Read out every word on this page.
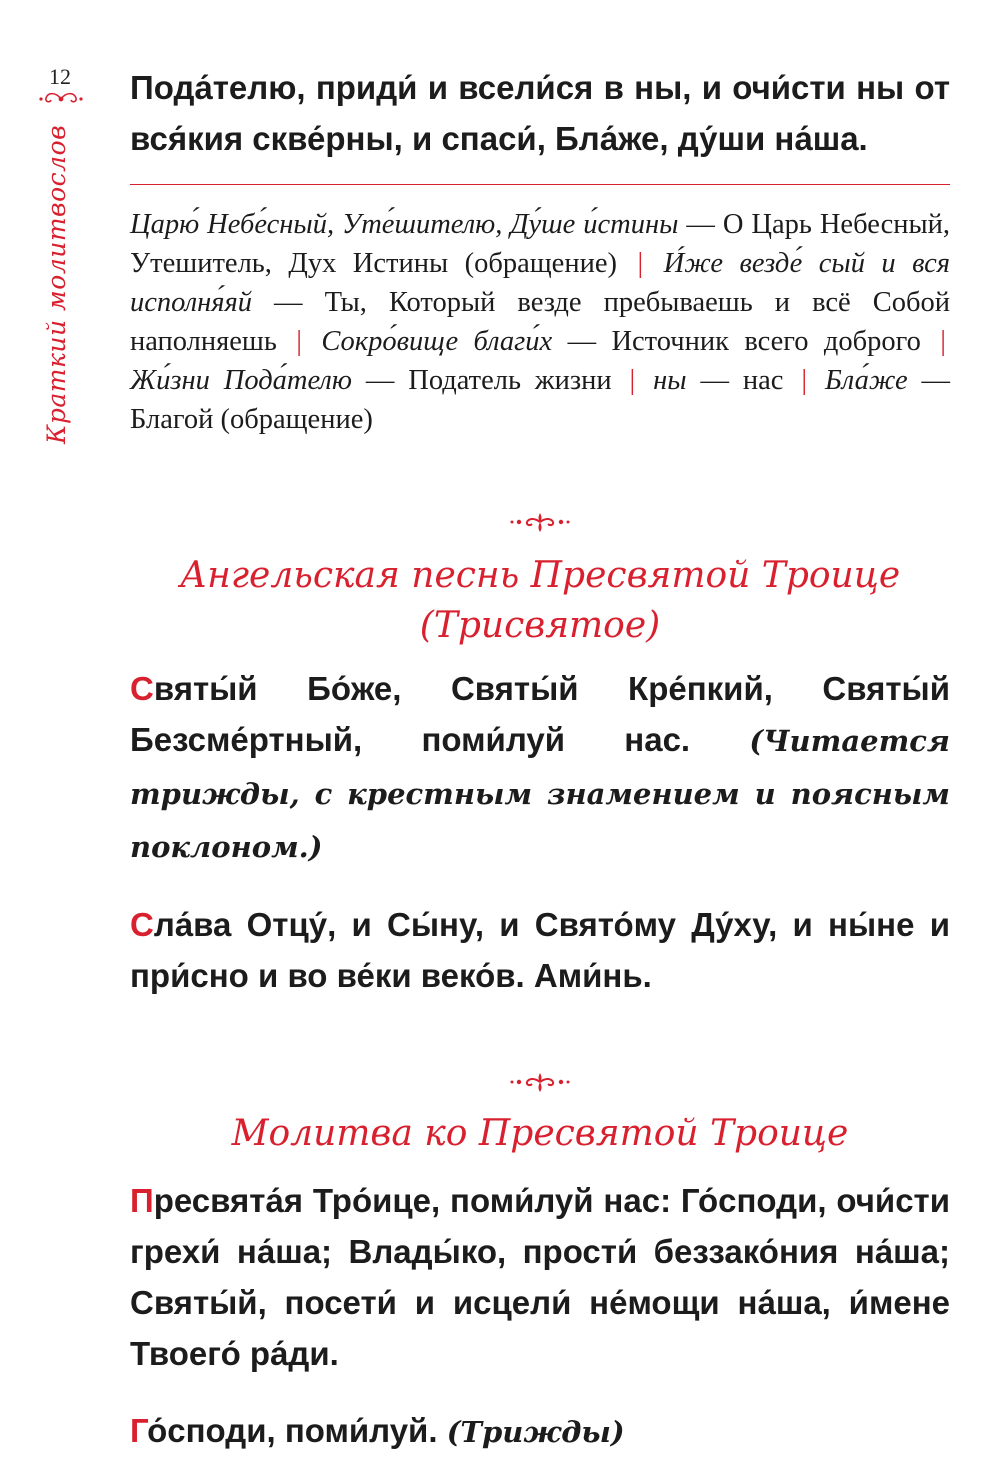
12
Краткий молитвослов

Пода́телю, приди́ и всели́ся в ны, и очи́сти ны от вся́кия скве́рны, и спаси́, Бла́же, ду́ши на́ша.

Царю́ Небе́сный, Уте́шителю, Ду́ше и́стины — О Царь Небесный, Утешитель, Дух Истины (обращение) | И́же везде́ сый и вся исполня́яй — Ты, Который везде пребываешь и всё Собой наполняешь | Сокро́вище благи́х — Источник всего доброго | Жи́зни Пода́телю — Податель жизни | ны — нас | Бла́же — Благой (обращение)

Ангельская песнь Пресвятой Троице

(Трисвятое)

Святы́й Бо́же, Святы́й Кре́пкий, Святы́й Безсме́ртный, поми́луй нас. (Читается трижды, с крестным знамением и поясным поклоном.)

Сла́ва Отцу́, и Сы́ну, и Свято́му Ду́ху, и ны́не и при́сно и во ве́ки веко́в. Ами́нь.

Молитва ко Пресвятой Троице

Пресвята́я Тро́ице, поми́луй нас: Го́споди, очи́сти грехи́ на́ша; Влады́ко, прости́ беззако́ния на́ша; Святы́й, посети́ и исцели́ не́мощи на́ша, и́мене Твоего́ ра́ди.

Го́споди, поми́луй. (Трижды)
